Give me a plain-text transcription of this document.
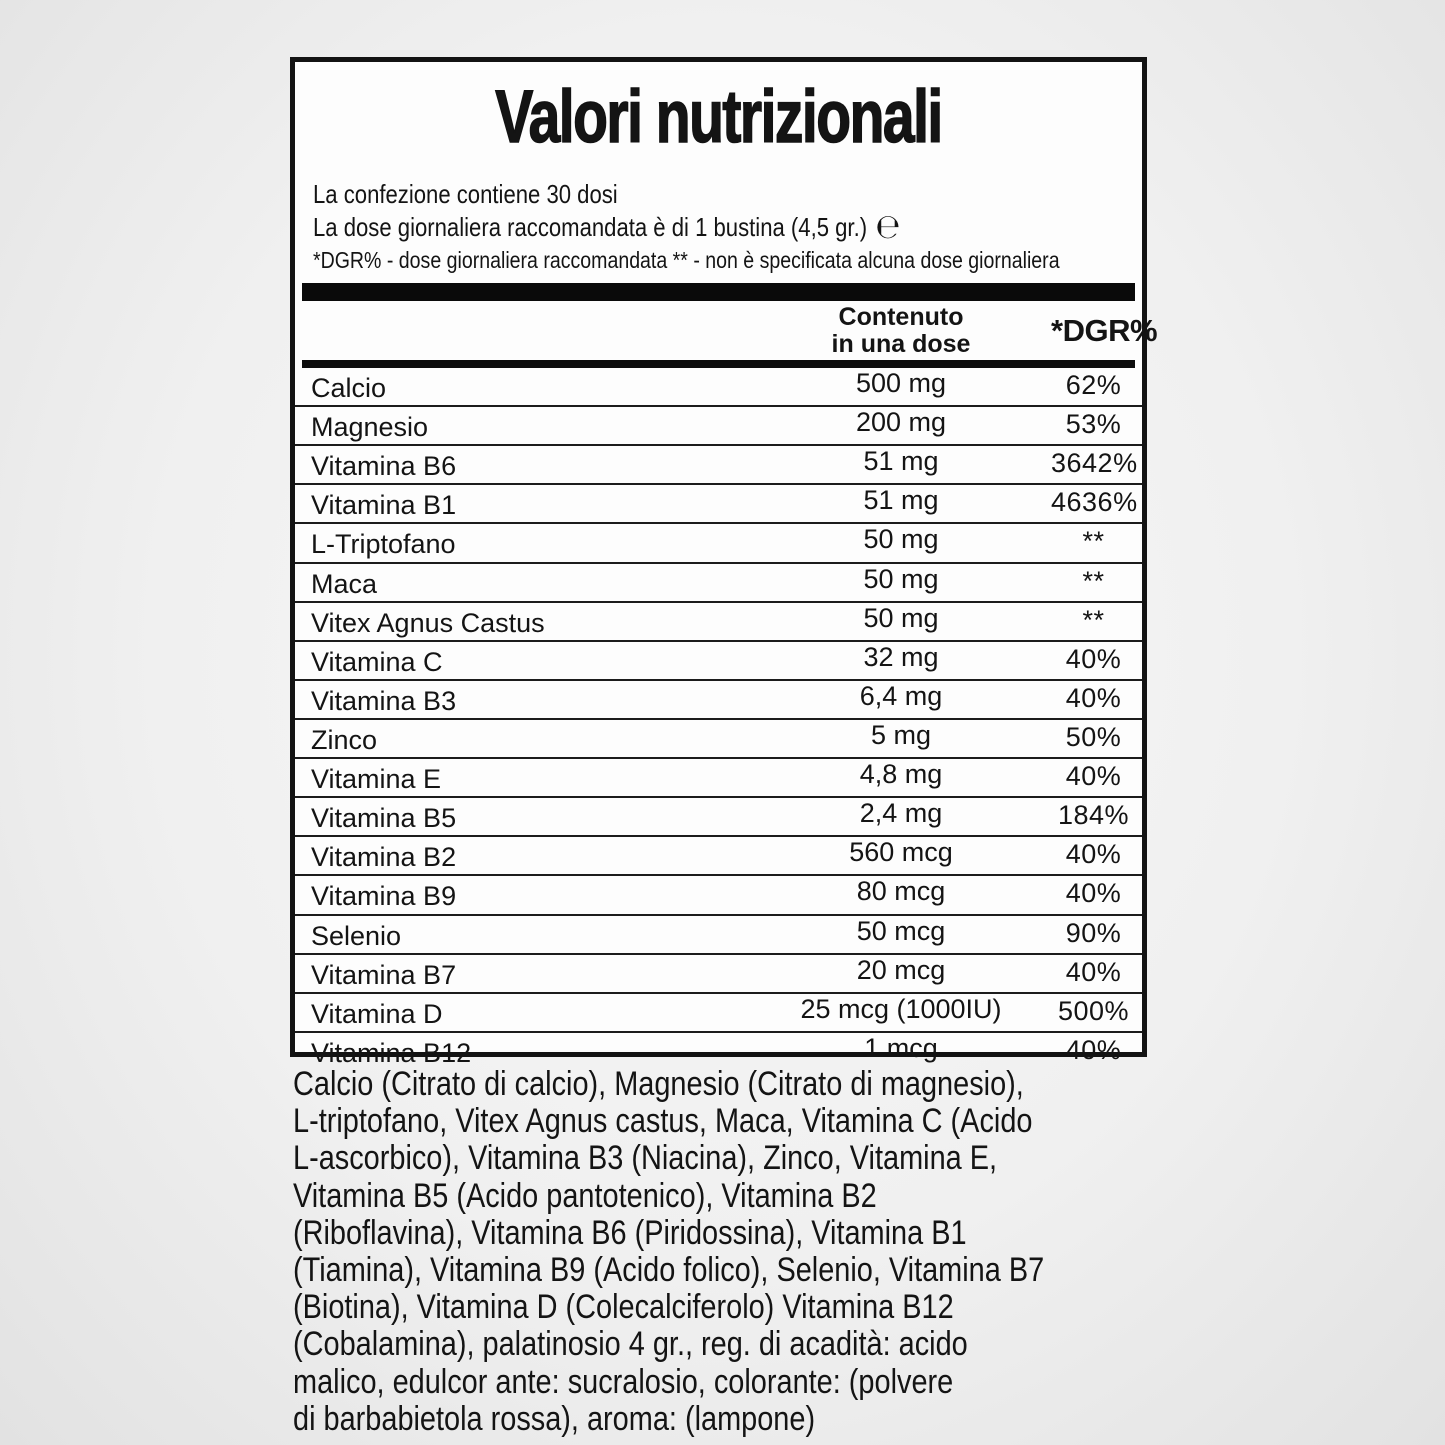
Valori nutrizionali
La confezione contiene 30 dosi
La dose giornaliera raccomandata è di 1 bustina (4,5 gr.) ℮
*DGR% - dose giornaliera raccomandata ** - non è specificata alcuna dose giornaliera
Contenuto
in una dose	*DGR%
Calcio	500 mg	62%
Magnesio	200 mg	53%
Vitamina B6	51 mg	3642%
Vitamina B1	51 mg	4636%
L-Triptofano	50 mg	**
Maca	50 mg	**
Vitex Agnus Castus	50 mg	**
Vitamina C	32 mg	40%
Vitamina B3	6,4 mg	40%
Zinco	5 mg	50%
Vitamina E	4,8 mg	40%
Vitamina B5	2,4 mg	184%
Vitamina B2	560 mcg	40%
Vitamina B9	80 mcg	40%
Selenio	50 mcg	90%
Vitamina B7	20 mcg	40%
Vitamina D	25 mcg (1000IU)	500%
Vitamina B12	1 mcg	40%
Calcio (Citrato di calcio), Magnesio (Citrato di magnesio),
L-triptofano, Vitex Agnus castus, Maca, Vitamina C (Acido
L-ascorbico), Vitamina B3 (Niacina), Zinco, Vitamina E,
Vitamina B5 (Acido pantotenico), Vitamina B2
(Riboflavina), Vitamina B6 (Piridossina), Vitamina B1
(Tiamina), Vitamina B9 (Acido folico), Selenio, Vitamina B7
(Biotina), Vitamina D (Colecalciferolo) Vitamina B12
(Cobalamina), palatinosio 4 gr., reg. di acadità: acido
malico, edulcor ante: sucralosio, colorante: (polvere
di barbabietola rossa), aroma: (lampone)
